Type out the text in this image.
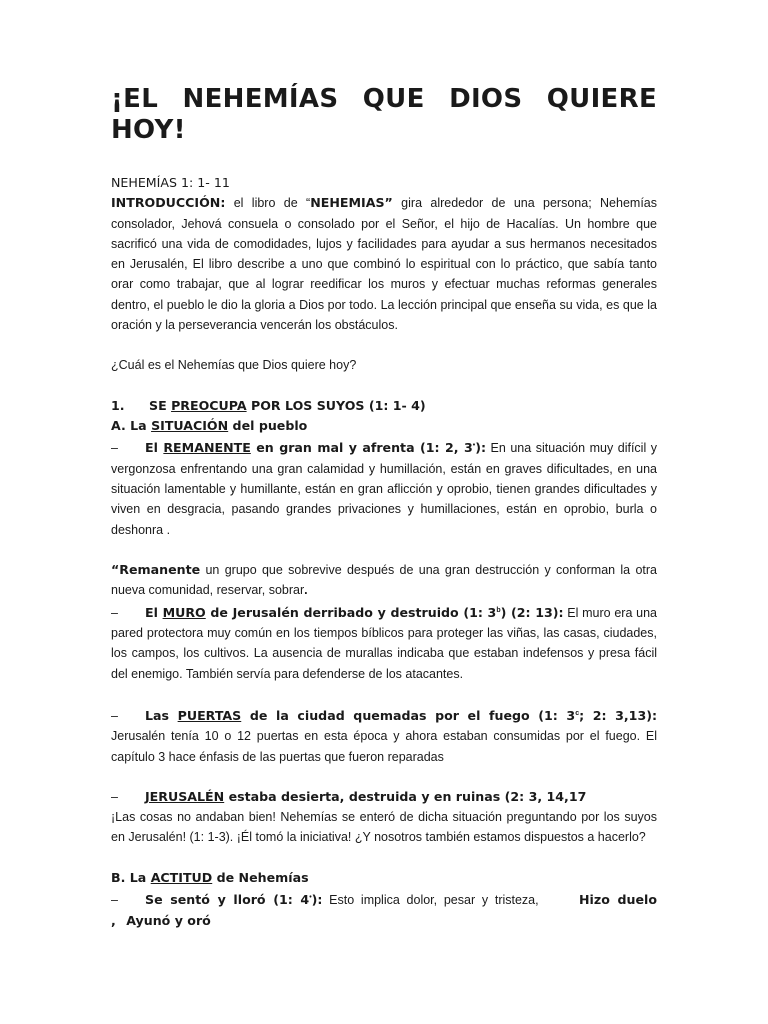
¡EL NEHEMÍAS QUE DIOS QUIERE HOY!

NEHEMÍAS 1: 1- 11

INTRODUCCIÓN: el libro de “NEHEMIAS” gira alrededor de una persona; Nehemías consolador, Jehová consuela o consolado por el Señor, el hijo de Hacalías. Un hombre que sacrificó una vida de comodidades, lujos y facilidades para ayudar a sus hermanos necesitados en Jerusalén, El libro describe a uno que combinó lo espiritual con lo práctico, que sabía tanto orar como trabajar, que al lograr reedificar los muros y efectuar muchas reformas generales dentro, el pueblo le dio la gloria a Dios por todo. La lección principal que enseña su vida, es que la oración y la perseverancia vencerán los obstáculos.

¿Cuál es el Nehemías que Dios quiere hoy?

1. SE PREOCUPA POR LOS SUYOS (1: 1- 4)

A. La SITUACIÓN del pueblo

– El REMANENTE en gran mal y afrenta (1: 2, 3•): En una situación muy difícil y vergonzosa enfrentando una gran calamidad y humillación, están en graves dificultades, en una situación lamentable y humillante, están en gran aflicción y oprobio, tienen grandes dificultades y viven en desgracia, pasando grandes privaciones y humillaciones, están en oprobio, burla o deshonra .

“Remanente un grupo que sobrevive después de una gran destrucción y conforman la otra nueva comunidad, reservar, sobrar.

– El MURO de Jerusalén derribado y destruido (1: 3$^b$) (2: 13): El muro era una pared protectora muy común en los tiempos bíblicos para proteger las viñas, las casas, ciudades, los campos, los cultivos. La ausencia de murallas indicaba que estaban indefensos y presa fácil del enemigo. También servía para defenderse de los atacantes.

– Las PUERTAS de la ciudad quemadas por el fuego (1: 3$^c$; 2: 3,13): Jerusalén tenía 10 o 12 puertas en esta época y ahora estaban consumidas por el fuego. El capítulo 3 hace énfasis de las puertas que fueron reparadas

– JERUSALÉN estaba desierta, destruida y en ruinas (2: 3, 14,17

¡Las cosas no andaban bien! Nehemías se enteró de dicha situación preguntando por los suyos en Jerusalén! (1: 1-3). ¡Él tomó la iniciativa! ¿Y nosotros también estamos dispuestos a hacerlo?

B. La ACTITUD de Nehemías

– Se sentó y lloró (1: 4•): Esto implica dolor, pesar y tristeza,	Hizo duelo , Ayunó y oró
